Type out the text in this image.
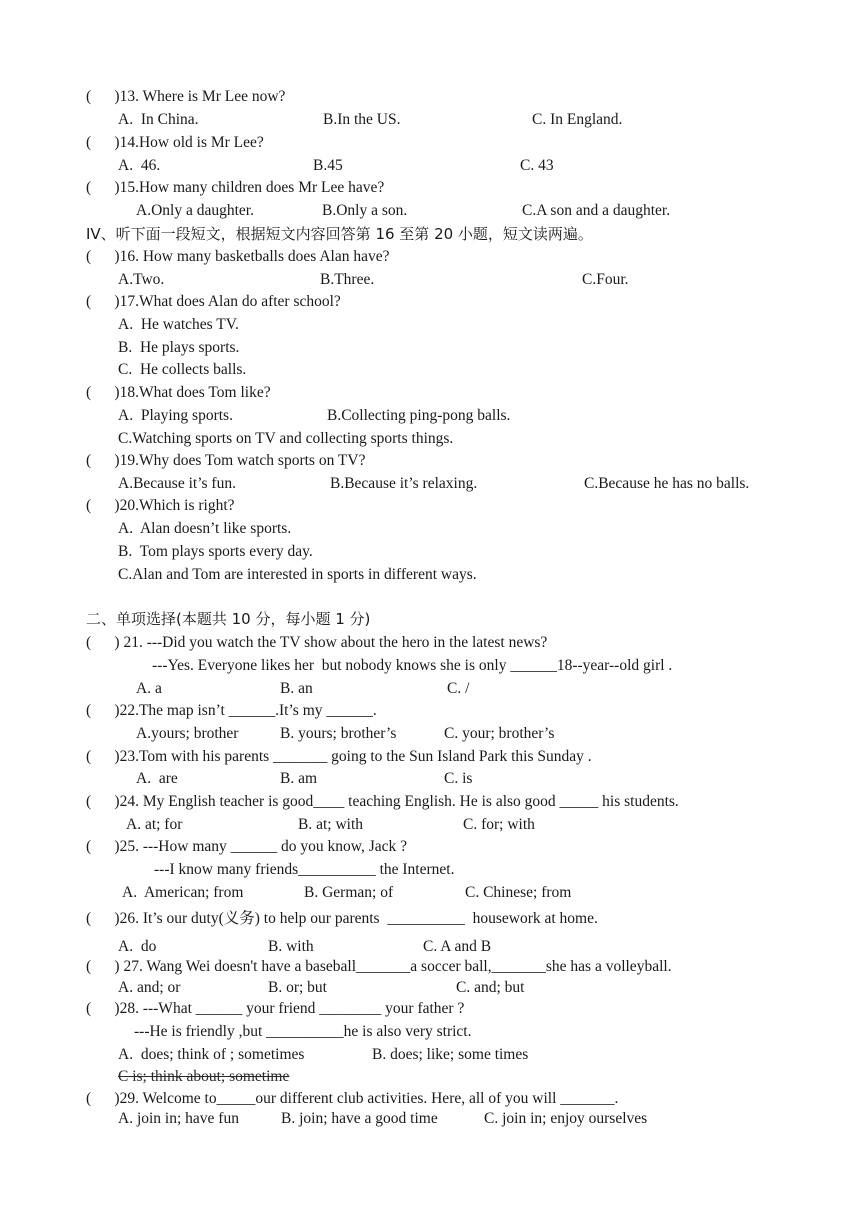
(      )13. Where is Mr Lee now?
A.  In China.	B.In the US.	C. In England.
(      )14.How old is Mr Lee?
A.  46.	B.45	C. 43
(      )15.How many children does Mr Lee have?
A.Only a daughter.	B.Only a son.	C.A son and a daughter.
IV、听下面一段短文，根据短文内容回答第 16 至第 20 小题，短文读两遍。
(      )16. How many basketballs does Alan have?
A.Two.	B.Three.	C.Four.
(      )17.What does Alan do after school?
A.  He watches TV.
B.  He plays sports.
C.  He collects balls.
(      )18.What does Tom like?
A.  Playing sports.	B.Collecting ping-pong balls.
C.Watching sports on TV and collecting sports things.
(      )19.Why does Tom watch sports on TV?
A.Because it’s fun.	B.Because it’s relaxing.	C.Because he has no balls.
(      )20.Which is right?
A.  Alan doesn’t like sports.
B.  Tom plays sports every day.
C.Alan and Tom are interested in sports in different ways.
二、单项选择(本题共 10 分，每小题 1 分)
(      ) 21. ---Did you watch the TV show about the hero in the latest news?
---Yes. Everyone likes her  but nobody knows she is only ______18--year--old girl .
A. a	B. an	C. /
(      )22.The map isn’t ______.It’s my ______.
A.yours; brother	B. yours; brother’s	C. your; brother’s
(      )23.Tom with his parents _______ going to the Sun Island Park this Sunday .
A.  are	B. am	C. is
(      )24. My English teacher is good____ teaching English. He is also good _____ his students.
A. at; for	B. at; with	C. for; with
(      )25. ---How many ______ do you know, Jack ?
---I know many friends__________ the Internet.
A.  American; from	B. German; of	C. Chinese; from
(      )26. It’s our duty(义务) to help our parents  __________  housework at home.
A.  do	B. with	C. A and B
(      ) 27. Wang Wei doesn't have a baseball_______a soccer ball,_______she has a volleyball.
A. and; or	B. or; but	C. and; but
(      )28. ---What ______ your friend ________ your father ?
---He is friendly ,but __________he is also very strict.
A.  does; think of ; sometimes	B. does; like; some times
C is; think about; sometime
(      )29. Welcome to_____our different club activities. Here, all of you will _______.
A. join in; have fun	B. join; have a good time	C. join in; enjoy ourselves
